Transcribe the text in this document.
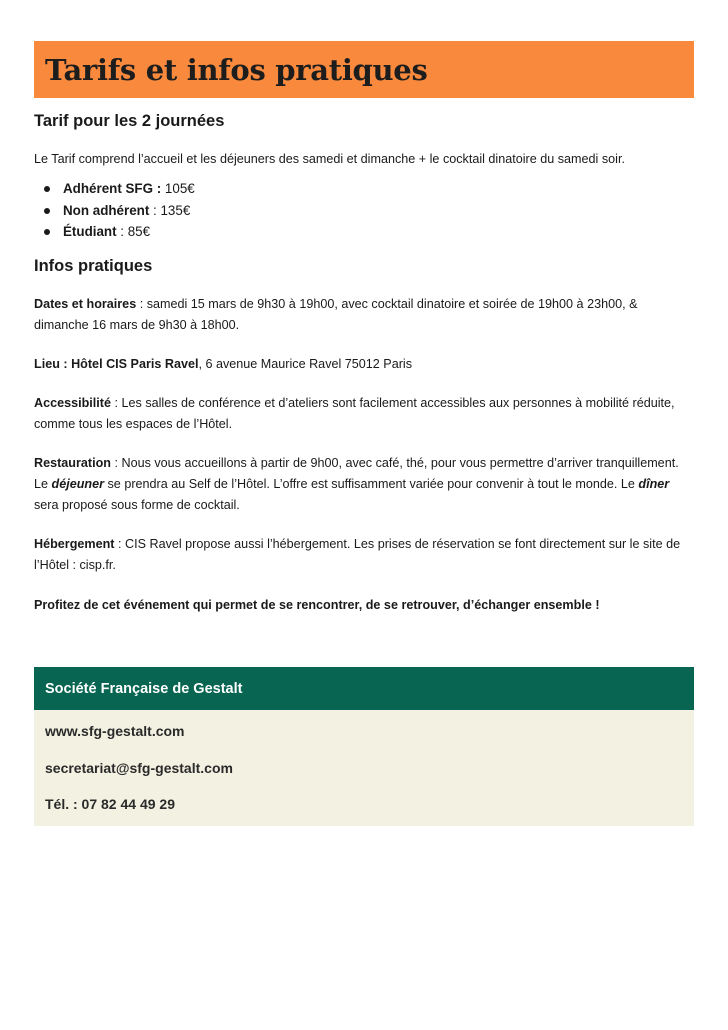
Tarifs et infos pratiques
Tarif pour les 2 journées

Le Tarif comprend l’accueil et les déjeuners des samedi et dimanche + le cocktail dinatoire du samedi soir.

Adhérent SFG : 105€
Non adhérent : 135€
Étudiant : 85€
Infos pratiques

Dates et horaires : samedi 15 mars de 9h30 à 19h00, avec cocktail dinatoire et soirée de 19h00 à 23h00, & dimanche 16 mars de 9h30 à 18h00.

Lieu : Hôtel CIS Paris Ravel, 6 avenue Maurice Ravel 75012 Paris

Accessibilité : Les salles de conférence et d’ateliers sont facilement accessibles aux personnes à mobilité réduite, comme tous les espaces de l’Hôtel.

Restauration : Nous vous accueillons à partir de 9h00, avec café, thé, pour vous permettre d’arriver tranquillement. Le déjeuner se prendra au Self de l’Hôtel. L’offre est suffisamment variée pour convenir à tout le monde. Le dîner sera proposé sous forme de cocktail.

Hébergement : CIS Ravel propose aussi l’hébergement. Les prises de réservation se font directement sur le site de l’Hôtel : cisp.fr.

Profitez de cet événement qui permet de se rencontrer, de se retrouver, d’échanger ensemble !

Société Française de Gestalt
www.sfg-gestalt.com
secretariat@sfg-gestalt.com
Tél. : 07 82 44 49 29
